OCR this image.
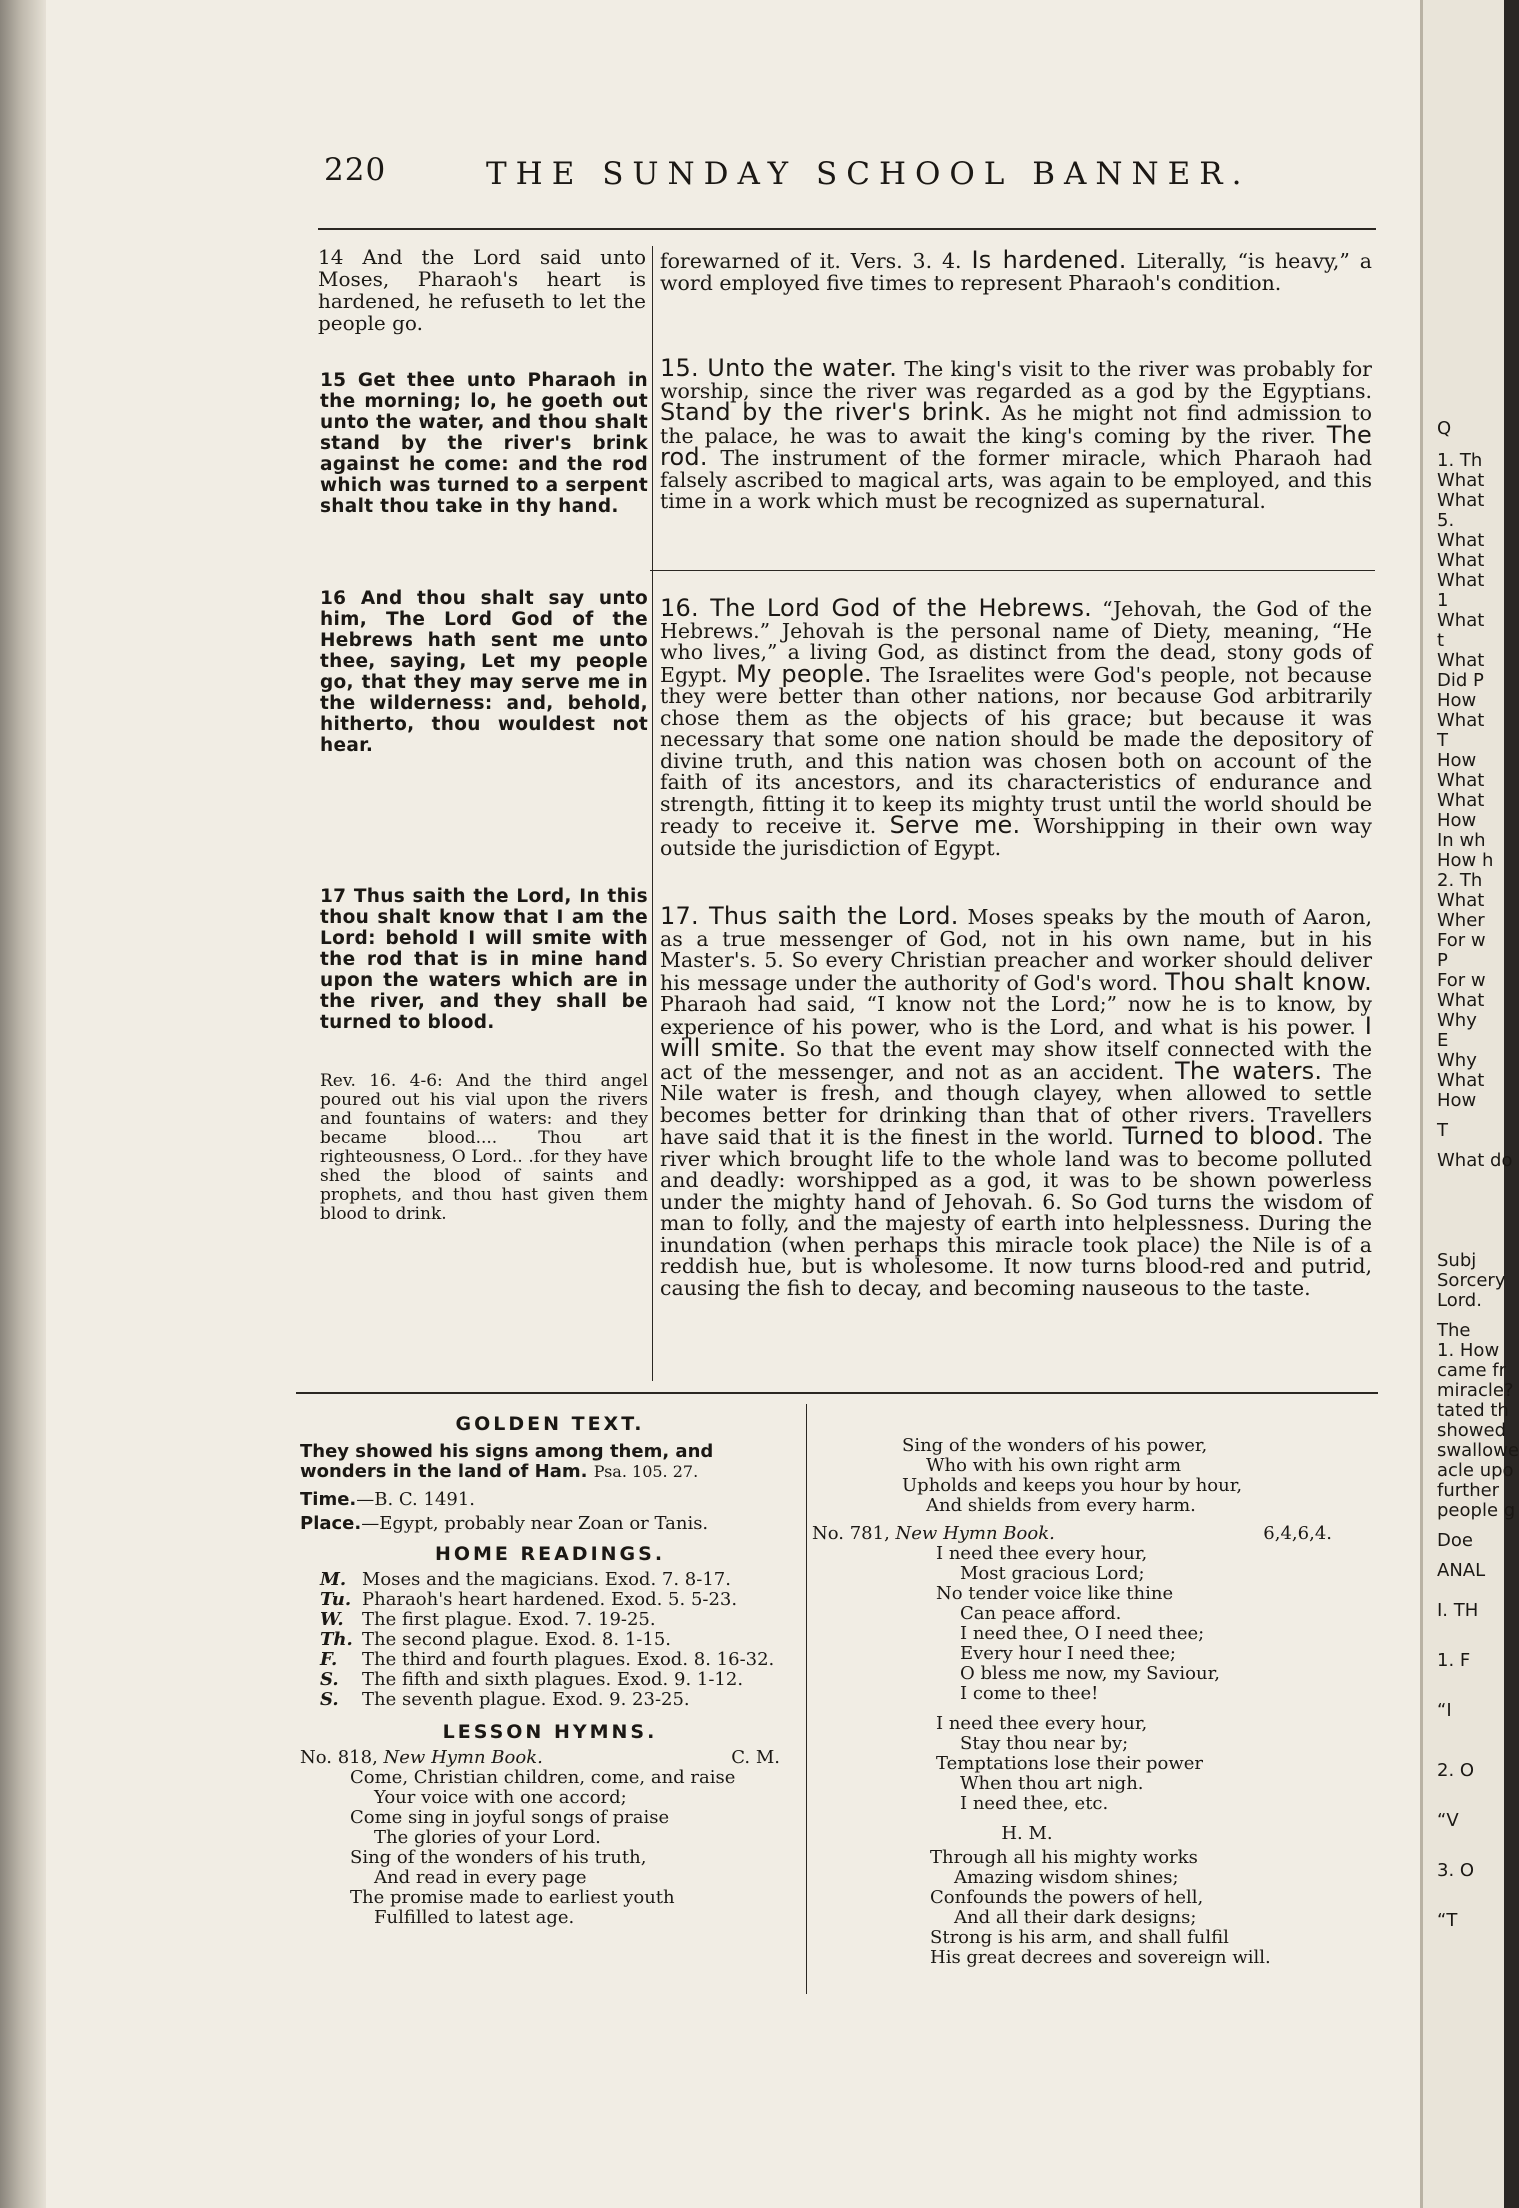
220	THE SUNDAY SCHOOL BANNER.

14 And the Lord said unto Moses, Pharaoh's heart is hardened, he refuseth to let the people go.

15 Get thee unto Pharaoh in the morning; lo, he goeth out unto the water, and thou shalt stand by the river's brink against he come: and the rod which was turned to a serpent shalt thou take in thy hand.
16 And thou shalt say unto him, The Lord God of the Hebrews hath sent me unto thee, saying, Let my people go, that they may serve me in the wilderness: and, behold, hitherto, thou wouldest not hear.
17 Thus saith the Lord, In this thou shalt know that I am the Lord: behold I will smite with the rod that is in mine hand upon the waters which are in the river, and they shall be turned to blood.
Rev. 16. 4-6: And the third angel poured out his vial upon the rivers and fountains of waters: and they became blood.... Thou art righteousness, O Lord.. .for they have shed the blood of saints and prophets, and thou hast given them blood to drink.

forewarned of it. Vers. 3. 4. Is hardened. Literally, “is heavy,” a word employed five times to represent Pharaoh's condition.

15. Unto the water. The king's visit to the river was probably for worship, since the river was regarded as a god by the Egyptians. Stand by the river's brink. As he might not find admission to the palace, he was to await the king's coming by the river. The rod. The instrument of the former miracle, which Pharaoh had falsely ascribed to magical arts, was again to be employed, and this time in a work which must be recognized as supernatural.

16. The Lord God of the Hebrews. “Jehovah, the God of the Hebrews.” Jehovah is the personal name of Diety, meaning, “He who lives,” a living God, as distinct from the dead, stony gods of Egypt. My people. The Israelites were God's people, not because they were better than other nations, nor because God arbitrarily chose them as the objects of his grace; but because it was necessary that some one nation should be made the depository of divine truth, and this nation was chosen both on account of the faith of its ancestors, and its characteristics of endurance and strength, fitting it to keep its mighty trust until the world should be ready to receive it. Serve me. Worshipping in their own way outside the jurisdiction of Egypt.

17. Thus saith the Lord. Moses speaks by the mouth of Aaron, as a true messenger of God, not in his own name, but in his Master's. 5. So every Christian preacher and worker should deliver his message under the authority of God's word. Thou shalt know. Pharaoh had said, “I know not the Lord;” now he is to know, by experience of his power, who is the Lord, and what is his power. I will smite. So that the event may show itself connected with the act of the messenger, and not as an accident. The waters. The Nile water is fresh, and though clayey, when allowed to settle becomes better for drinking than that of other rivers. Travellers have said that it is the finest in the world. Turned to blood. The river which brought life to the whole land was to become polluted and deadly: worshipped as a god, it was to be shown powerless under the mighty hand of Jehovah. 6. So God turns the wisdom of man to folly, and the majesty of earth into helplessness. During the inundation (when perhaps this miracle took place) the Nile is of a reddish hue, but is wholesome. It now turns blood-red and putrid, causing the fish to decay, and becoming nauseous to the taste.

GOLDEN TEXT.
They showed his signs among them, and wonders in the land of Ham. Psa. 105. 27.
Time.—B. C. 1491.
Place.—Egypt, probably near Zoan or Tanis.
HOME READINGS.
M. Moses and the magicians. Exod. 7. 8-17.
Tu. Pharaoh's heart hardened. Exod. 5. 5-23.
W.	The first plague. Exod. 7. 19-25.
Th. The second plague. Exod. 8. 1-15.
F.	The third and fourth plagues. Exod. 8. 16-32.
S.	The fifth and sixth plagues. Exod. 9. 1-12.
S.	The seventh plague. Exod. 9. 23-25.
LESSON HYMNS.
No. 818, New Hymn Book.	C. M.
Come, Christian children, come, and raise
Your voice with one accord;
Come sing in joyful songs of praise
The glories of your Lord.
Sing of the wonders of his truth,
And read in every page
The promise made to earliest youth
Fulfilled to latest age.
Sing of the wonders of his power,
Who with his own right arm
Upholds and keeps you hour by hour,
And shields from every harm.
No. 781, New Hymn Book.	6,4,6,4.
I need thee every hour,
Most gracious Lord;
No tender voice like thine
Can peace afford.
I need thee, O I need thee;
Every hour I need thee;
O bless me now, my Saviour,
I come to thee!
I need thee every hour,
Stay thou near by;
Temptations lose their power
When thou art nigh.
I need thee, etc.
H. M.
Through all his mighty works
Amazing wisdom shines;
Confounds the powers of hell,
And all their dark designs;
Strong is his arm, and shall fulfil
His great decrees and sovereign will.
Q
1. Th
What
What
5.
What
What
What
1
What
t
What
Did P
How
What
T
How
What
What
How
In wh
How h
2. Th
What
Wher
For w
P
For w
What
Why
E
Why
What
How
T
What do
Subj
Sorcery
Lord.
The
1. How
came fr
miracle?
tated th
showed
swallowe
acle upo
further
people g
Doe
ANAL
I. TH
1. F
“I
2. O
“V
3. O
“T
